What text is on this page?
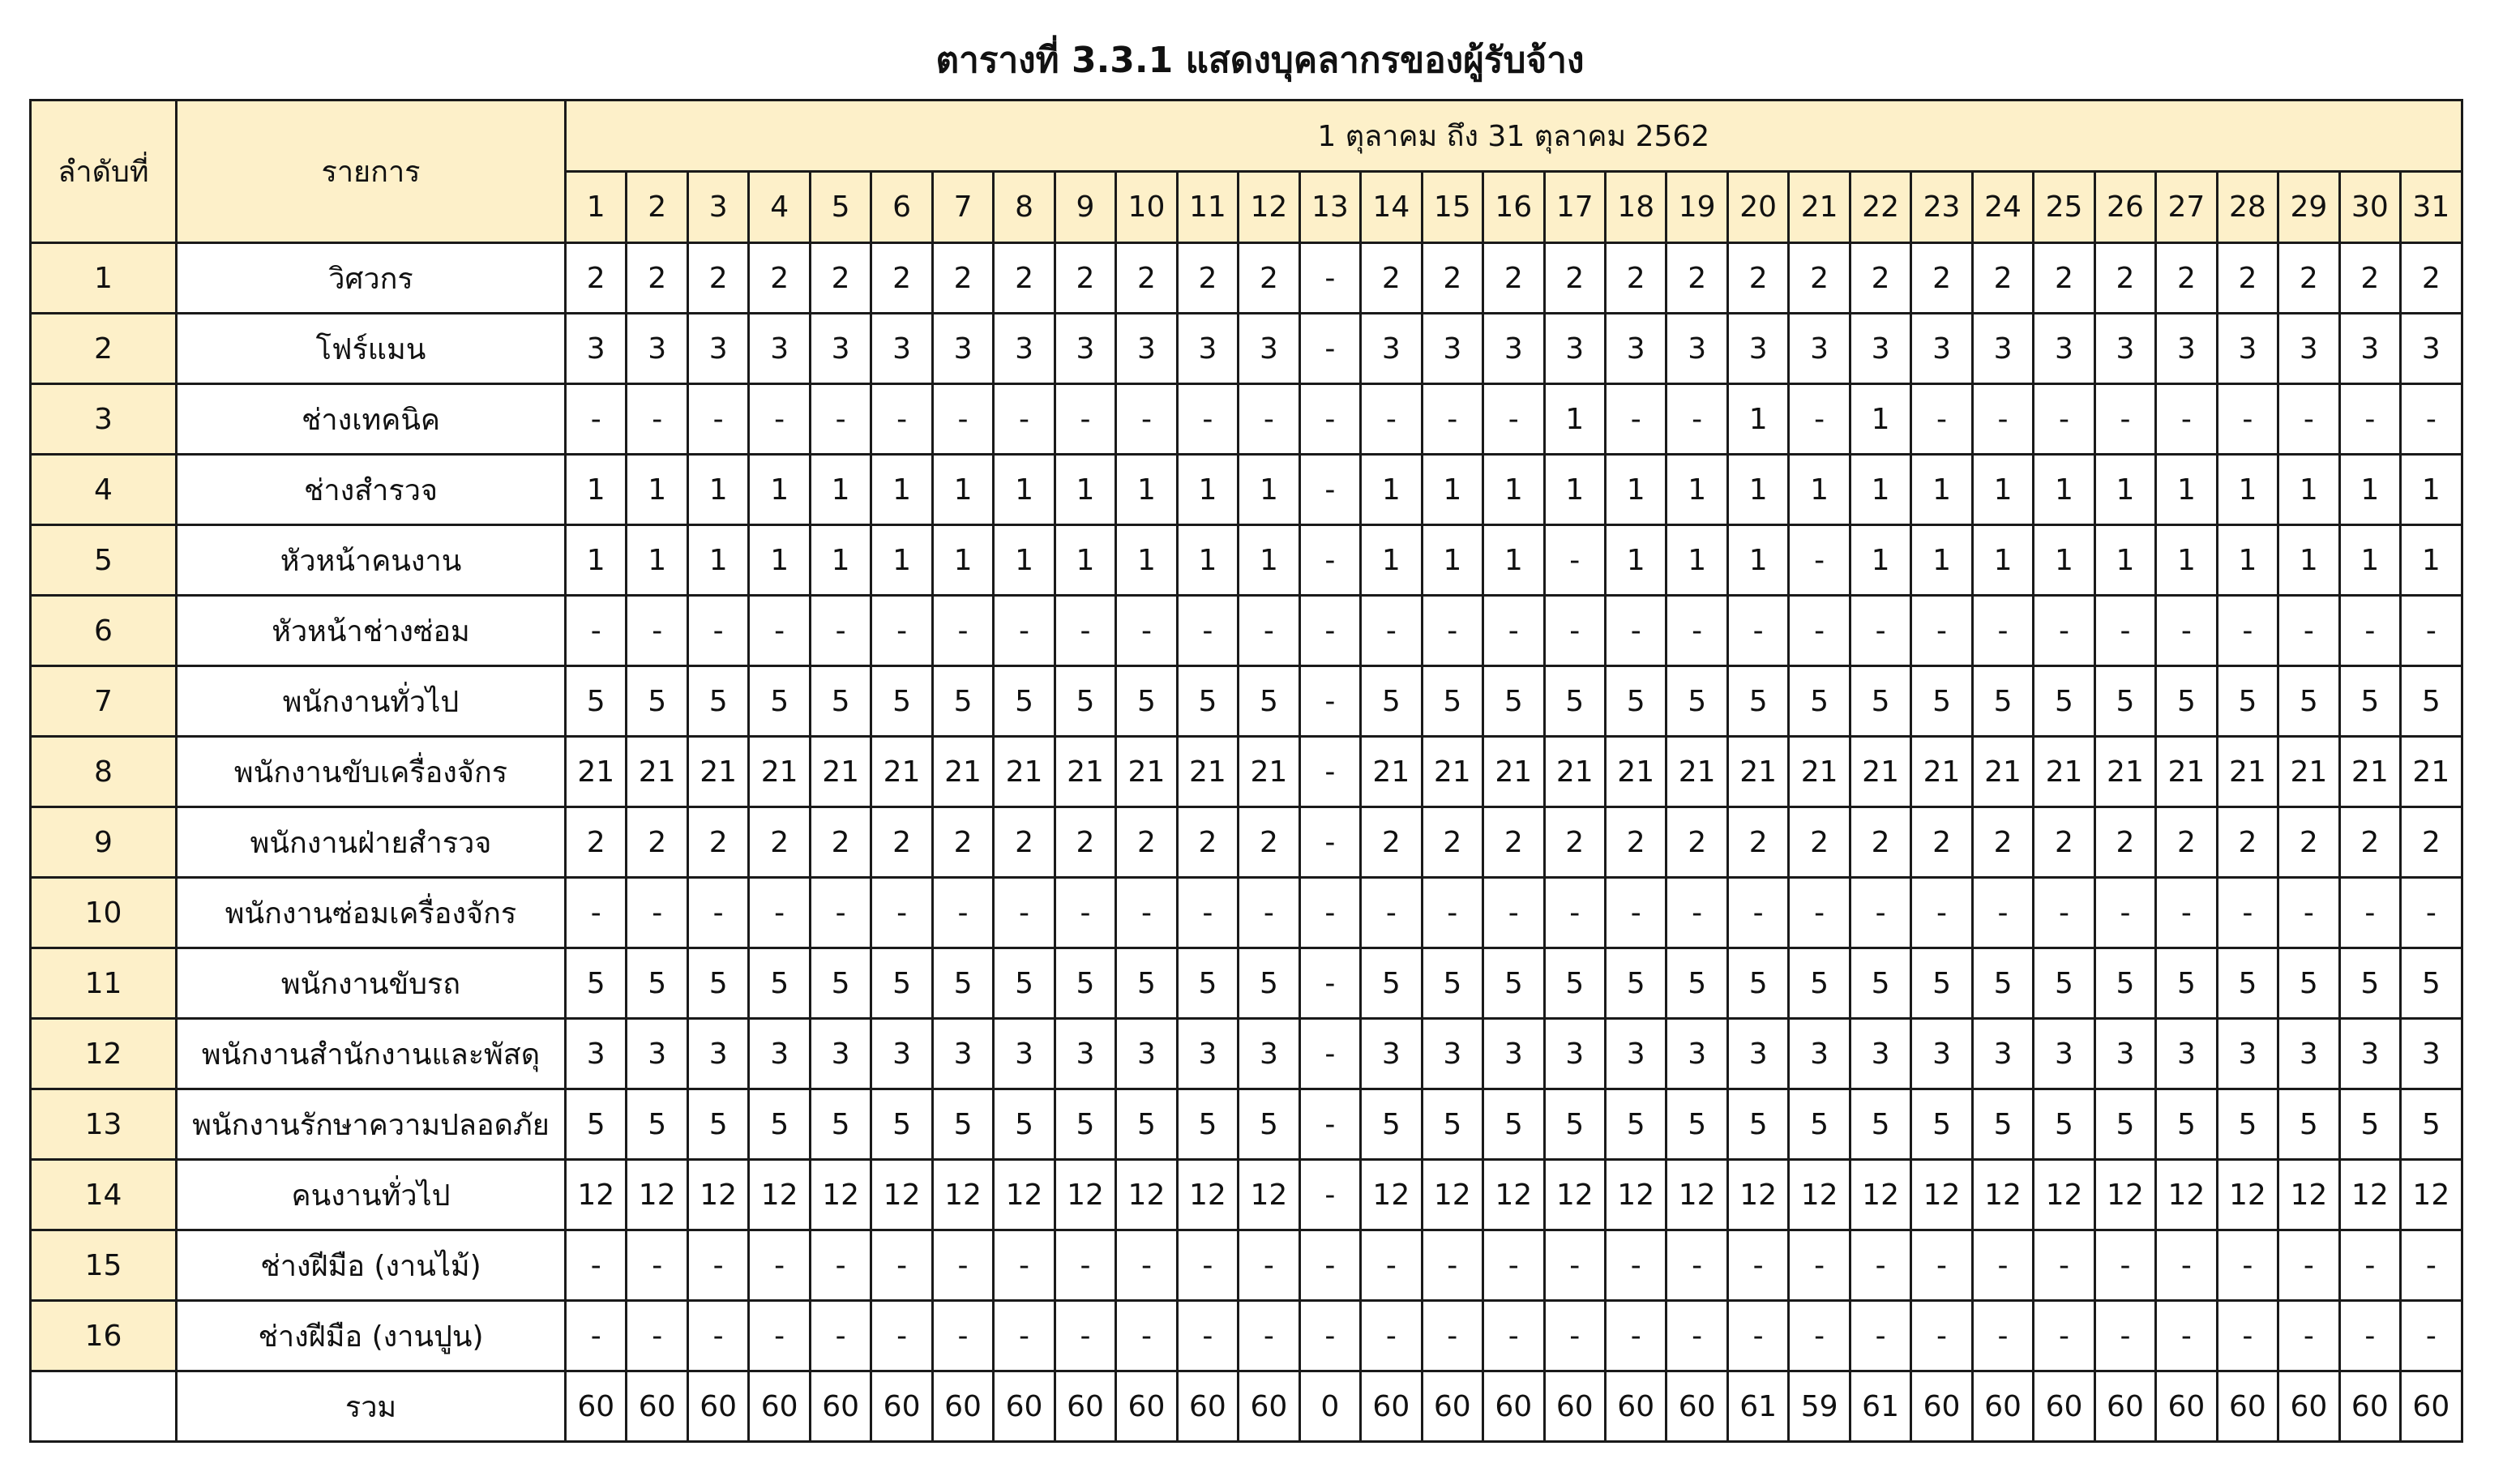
ตารางที่ 3.3.1 แสดงบุคลากรของผู้รับจ้าง
ลำดับที่	รายการ	1 ตุลาคม ถึง 31 ตุลาคม 2562																														
		1	2	3	4	5	6	7	8	9	10	11	12	13	14	15	16	17	18	19	20	21	22	23	24	25	26	27	28	29	30	31
1	วิศวกร	2	2	2	2	2	2	2	2	2	2	2	2	-	2	2	2	2	2	2	2	2	2	2	2	2	2	2	2	2	2	2
2	โฟร์แมน	3	3	3	3	3	3	3	3	3	3	3	3	-	3	3	3	3	3	3	3	3	3	3	3	3	3	3	3	3	3	3
3	ช่างเทคนิค	-	-	-	-	-	-	-	-	-	-	-	-	-	-	-	-	1	-	-	1	-	1	-	-	-	-	-	-	-	-	-
4	ช่างสำรวจ	1	1	1	1	1	1	1	1	1	1	1	1	-	1	1	1	1	1	1	1	1	1	1	1	1	1	1	1	1	1	1
5	หัวหน้าคนงาน	1	1	1	1	1	1	1	1	1	1	1	1	-	1	1	1	-	1	1	1	-	1	1	1	1	1	1	1	1	1	1
6	หัวหน้าช่างซ่อม	-	-	-	-	-	-	-	-	-	-	-	-	-	-	-	-	-	-	-	-	-	-	-	-	-	-	-	-	-	-	-
7	พนักงานทั่วไป	5	5	5	5	5	5	5	5	5	5	5	5	-	5	5	5	5	5	5	5	5	5	5	5	5	5	5	5	5	5	5
8	พนักงานขับเครื่องจักร	21	21	21	21	21	21	21	21	21	21	21	21	-	21	21	21	21	21	21	21	21	21	21	21	21	21	21	21	21	21	21
9	พนักงานฝ่ายสำรวจ	2	2	2	2	2	2	2	2	2	2	2	2	-	2	2	2	2	2	2	2	2	2	2	2	2	2	2	2	2	2	2
10	พนักงานซ่อมเครื่องจักร	-	-	-	-	-	-	-	-	-	-	-	-	-	-	-	-	-	-	-	-	-	-	-	-	-	-	-	-	-	-	-
11	พนักงานขับรถ	5	5	5	5	5	5	5	5	5	5	5	5	-	5	5	5	5	5	5	5	5	5	5	5	5	5	5	5	5	5	5
12	พนักงานสำนักงานและพัสดุ	3	3	3	3	3	3	3	3	3	3	3	3	-	3	3	3	3	3	3	3	3	3	3	3	3	3	3	3	3	3	3
13	พนักงานรักษาความปลอดภัย	5	5	5	5	5	5	5	5	5	5	5	5	-	5	5	5	5	5	5	5	5	5	5	5	5	5	5	5	5	5	5
14	คนงานทั่วไป	12	12	12	12	12	12	12	12	12	12	12	12	-	12	12	12	12	12	12	12	12	12	12	12	12	12	12	12	12	12	12
15	ช่างฝีมือ (งานไม้)	-	-	-	-	-	-	-	-	-	-	-	-	-	-	-	-	-	-	-	-	-	-	-	-	-	-	-	-	-	-	-
16	ช่างฝีมือ (งานปูน)	-	-	-	-	-	-	-	-	-	-	-	-	-	-	-	-	-	-	-	-	-	-	-	-	-	-	-	-	-	-	-
	รวม	60	60	60	60	60	60	60	60	60	60	60	60	0	60	60	60	60	60	60	61	59	61	60	60	60	60	60	60	60	60	60
